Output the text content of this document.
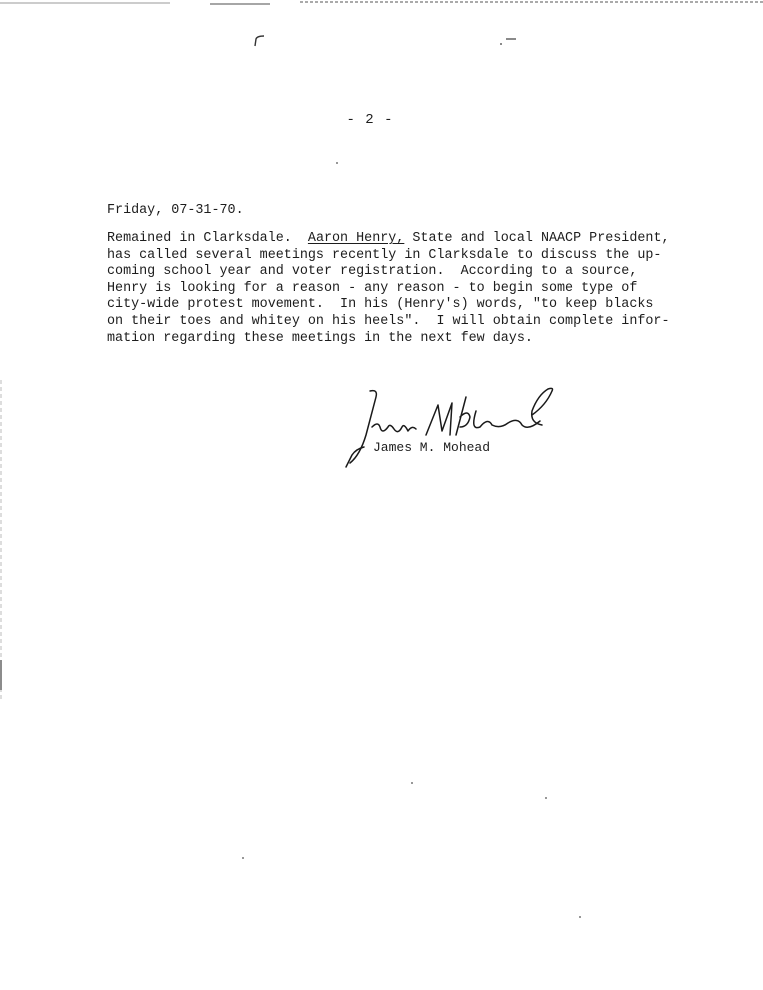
- 2 -
Friday, 07-31-70.
Remained in Clarksdale.  Aaron Henry, State and local NAACP President,
has called several meetings recently in Clarksdale to discuss the up-
coming school year and voter registration.  According to a source,
Henry is looking for a reason - any reason - to begin some type of
city-wide protest movement.  In his (Henry's) words, "to keep blacks
on their toes and whitey on his heels".  I will obtain complete infor-
mation regarding these meetings in the next few days.
James M. Mohead
